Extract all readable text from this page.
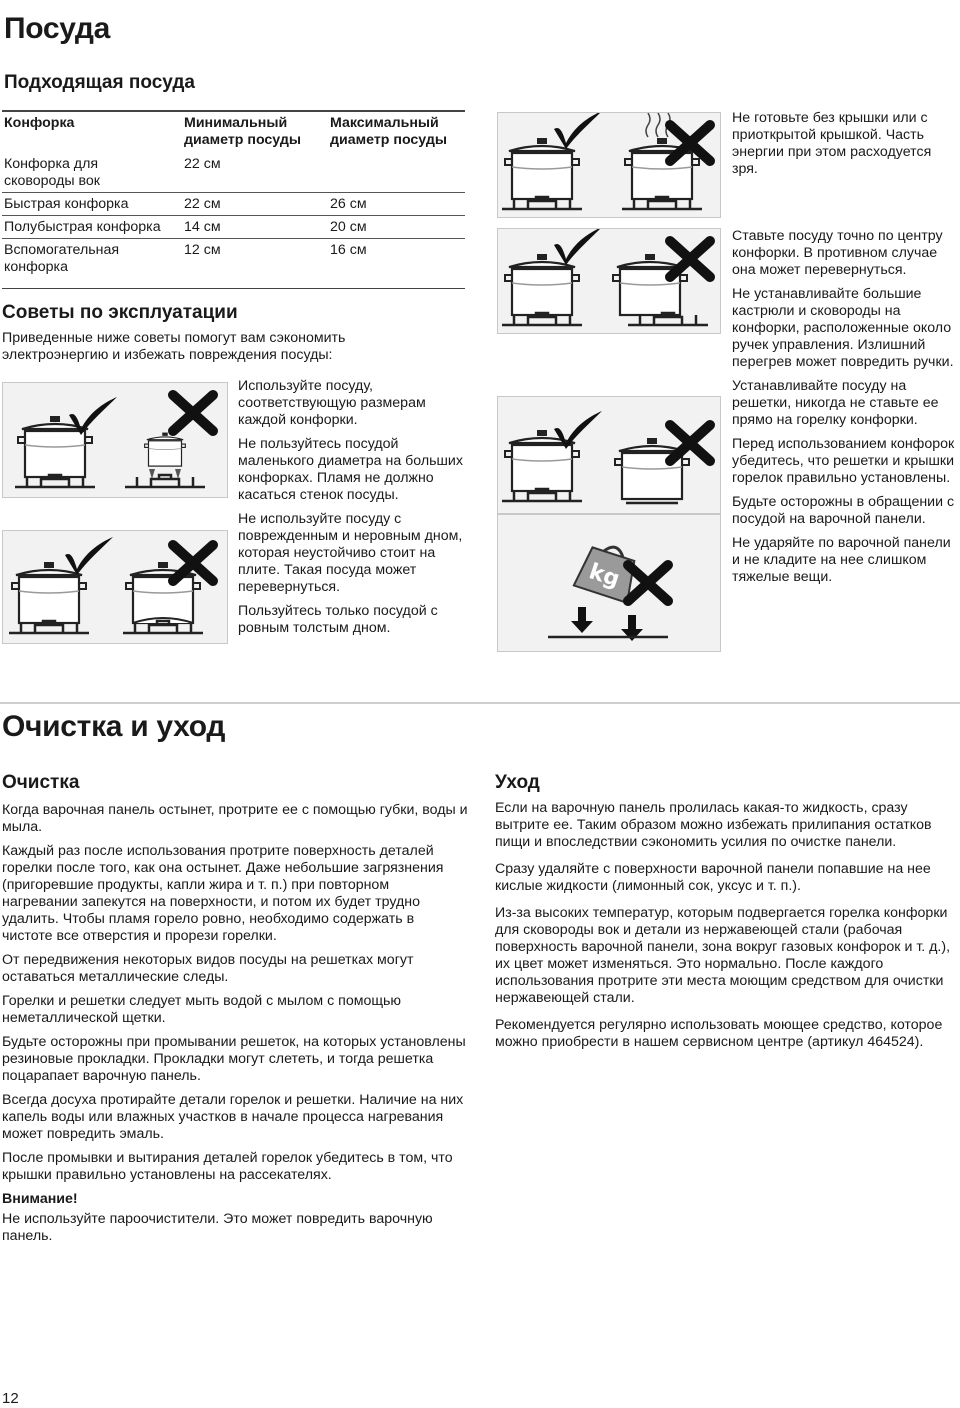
Посуда
Подходящая посуда
Конфорка	Минимальный диаметр посуды	Максимальный диаметр посуды
Конфорка для сковороды вок	22 см	
Быстрая конфорка	22 см	26 см
Полубыстрая конфорка	14 см	20 см
Вспомогательная конфорка	12 см	16 см
Советы по эксплуатации
Приведенные ниже советы помогут вам сэкономить электроэнергию и избежать повреждения посуды:

Используйте посуду, соответствующую размерам каждой конфорки.

Не пользуйтесь посудой маленького диаметра на больших конфорках. Пламя не должно касаться стенок посуды.

Не используйте посуду с поврежденным и неровным дном, которая неустойчиво стоит на плите. Такая посуда может перевернуться.

Пользуйтесь только посудой с ровным толстым дном.

kg

Не готовьте без крышки или с приоткрытой крышкой. Часть энергии при этом расходуется зря.

Ставьте посуду точно по центру конфорки. В противном случае она может перевернуться.

Не устанавливайте большие кастрюли и сковороды на конфорки, расположенные около ручек управления. Излишний перегрев может повредить ручки.

Устанавливайте посуду на решетки, никогда не ставьте ее прямо на горелку конфорки.

Перед использованием конфорок убедитесь, что решетки и крышки горелок правильно установлены.

Будьте осторожны в обращении с посудой на варочной панели.

Не ударяйте по варочной панели и не кладите на нее слишком тяжелые вещи.

Очистка и уход
Очистка

Когда варочная панель остынет, протрите ее с помощью губки, воды и мыла.

Каждый раз после использования протрите поверхность деталей горелки после того, как она остынет. Даже небольшие загрязнения (пригоревшие продукты, капли жира и т. п.) при повторном нагревании запекутся на поверхности, и потом их будет трудно удалить. Чтобы пламя горело ровно, необходимо содержать в чистоте все отверстия и прорези горелки.

От передвижения некоторых видов посуды на решетках могут оставаться металлические следы.

Горелки и решетки следует мыть водой с мылом с помощью неметаллической щетки.

Будьте осторожны при промывании решеток, на которых установлены резиновые прокладки. Прокладки могут слететь, и тогда решетка поцарапает варочную панель.

Всегда досуха протирайте детали горелок и решетки. Наличие на них капель воды или влажных участков в начале процесса нагревания может повредить эмаль.

После промывки и вытирания деталей горелок убедитесь в том, что крышки правильно установлены на рассекателях.

Внимание!
Не используйте пароочистители. Это может повредить варочную панель.
Уход

Если на варочную панель пролилась какая-то жидкость, сразу вытрите ее. Таким образом можно избежать прилипания остатков пищи и впоследствии сэкономить усилия по очистке панели.

Сразу удаляйте с поверхности варочной панели попавшие на нее кислые жидкости (лимонный сок, уксус и т. п.).

Из-за высоких температур, которым подвергается горелка конфорки для сковороды вок и детали из нержавеющей стали (рабочая поверхность варочной панели, зона вокруг газовых конфорок и т. д.), их цвет может изменяться. Это нормально. После каждого использования протрите эти места моющим средством для очистки нержавеющей стали.

Рекомендуется регулярно использовать моющее средство, которое можно приобрести в нашем сервисном центре (артикул 464524).

12
